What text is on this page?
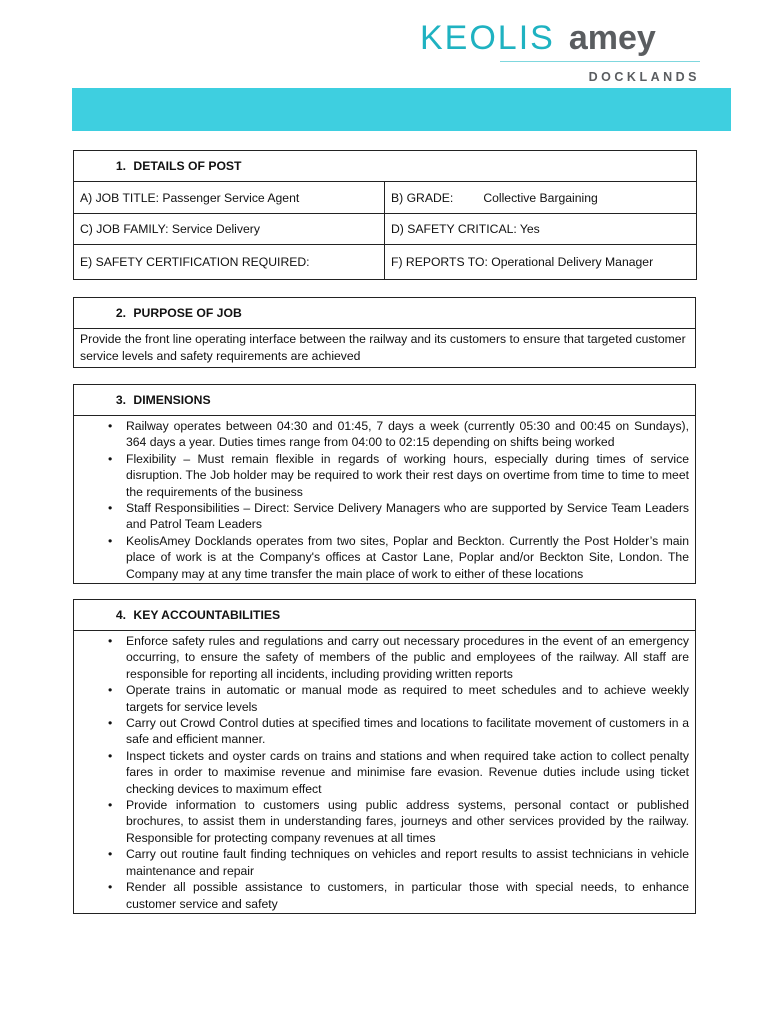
KEOLIS amey
DOCKLANDS
1. DETAILS OF POST	
A) JOB TITLE: Passenger Service Agent	B) GRADE: Collective Bargaining
C) JOB FAMILY: Service Delivery	D) SAFETY CRITICAL: Yes
E) SAFETY CERTIFICATION REQUIRED:	F) REPORTS TO: Operational Delivery Manager
2. PURPOSE OF JOB
Provide the front line operating interface between the railway and its customers to ensure that targeted customer service levels and safety requirements are achieved
3. DIMENSIONS

• Railway operates between 04:30 and 01:45, 7 days a week (currently 05:30 and 00:45 on Sundays), 364 days a year. Duties times range from 04:00 to 02:15 depending on shifts being worked
• Flexibility – Must remain flexible in regards of working hours, especially during times of service disruption. The Job holder may be required to work their rest days on overtime from time to time to meet the requirements of the business
• Staff Responsibilities – Direct: Service Delivery Managers who are supported by Service Team Leaders and Patrol Team Leaders
• KeolisAmey Docklands operates from two sites, Poplar and Beckton. Currently the Post Holder’s main place of work is at the Company's offices at Castor Lane, Poplar and/or Beckton Site, London. The Company may at any time transfer the main place of work to either of these locations
4. KEY ACCOUNTABILITIES

• Enforce safety rules and regulations and carry out necessary procedures in the event of an emergency occurring, to ensure the safety of members of the public and employees of the railway. All staff are responsible for reporting all incidents, including providing written reports
• Operate trains in automatic or manual mode as required to meet schedules and to achieve weekly targets for service levels
• Carry out Crowd Control duties at specified times and locations to facilitate movement of customers in a safe and efficient manner.
• Inspect tickets and oyster cards on trains and stations and when required take action to collect penalty fares in order to maximise revenue and minimise fare evasion. Revenue duties include using ticket checking devices to maximum effect
• Provide information to customers using public address systems, personal contact or published brochures, to assist them in understanding fares, journeys and other services provided by the railway. Responsible for protecting company revenues at all times
• Carry out routine fault finding techniques on vehicles and report results to assist technicians in vehicle maintenance and repair
• Render all possible assistance to customers, in particular those with special needs, to enhance customer service and safety
